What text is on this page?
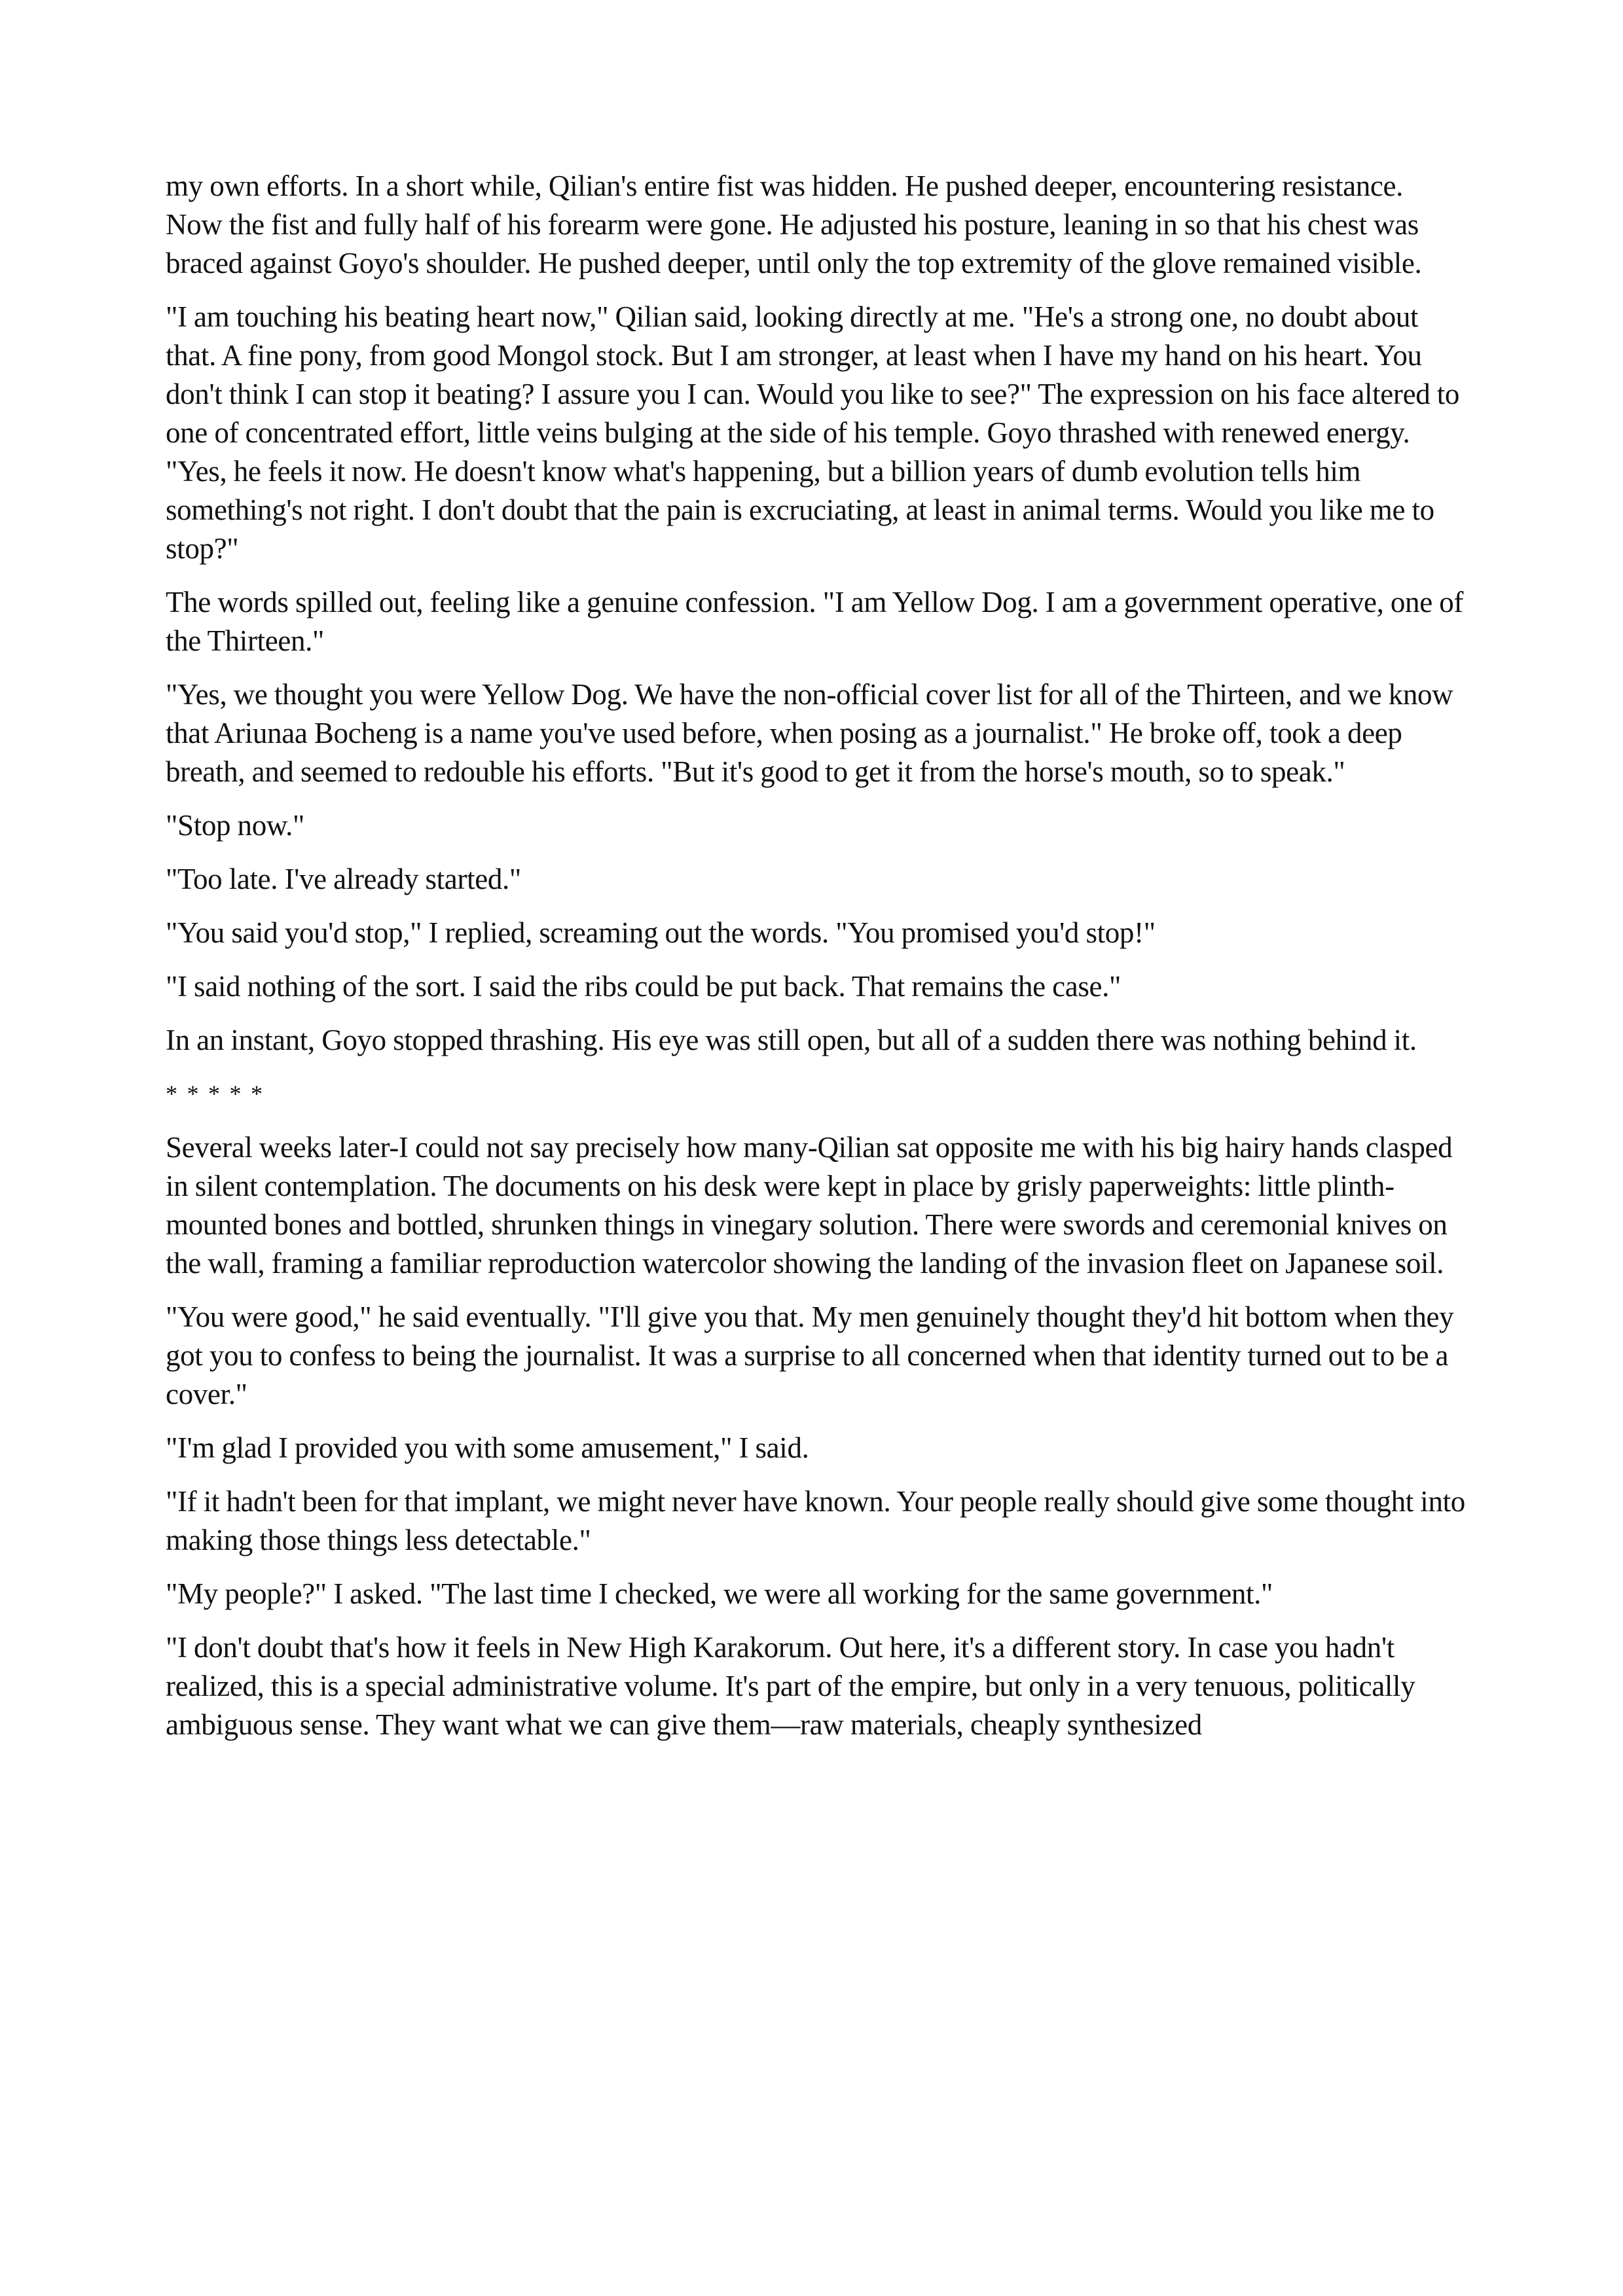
my own efforts. In a short while, Qilian's entire fist was hidden. He pushed deeper, encountering resistance. Now the fist and fully half of his forearm were gone. He adjusted his posture, leaning in so that his chest was braced against Goyo's shoulder. He pushed deeper, until only the top extremity of the glove remained visible.

"I am touching his beating heart now," Qilian said, looking directly at me. "He's a strong one, no doubt about that. A fine pony, from good Mongol stock. But I am stronger, at least when I have my hand on his heart. You don't think I can stop it beating? I assure you I can. Would you like to see?" The expression on his face altered to one of concentrated effort, little veins bulging at the side of his temple. Goyo thrashed with renewed energy. "Yes, he feels it now. He doesn't know what's happening, but a billion years of dumb evolution tells him something's not right. I don't doubt that the pain is excruciating, at least in animal terms. Would you like me to stop?"

The words spilled out, feeling like a genuine confession. "I am Yellow Dog. I am a government operative, one of the Thirteen."

"Yes, we thought you were Yellow Dog. We have the non-official cover list for all of the Thirteen, and we know that Ariunaa Bocheng is a name you've used before, when posing as a journalist." He broke off, took a deep breath, and seemed to redouble his efforts. "But it's good to get it from the horse's mouth, so to speak."

"Stop now."

"Too late. I've already started."

"You said you'd stop," I replied, screaming out the words. "You promised you'd stop!"

"I said nothing of the sort. I said the ribs could be put back. That remains the case."

In an instant, Goyo stopped thrashing. His eye was still open, but all of a sudden there was nothing behind it.

* * * * *

Several weeks later-I could not say precisely how many-Qilian sat opposite me with his big hairy hands clasped in silent contemplation. The documents on his desk were kept in place by grisly paperweights: little plinth-mounted bones and bottled, shrunken things in vinegary solution. There were swords and ceremonial knives on the wall, framing a familiar reproduction watercolor showing the landing of the invasion fleet on Japanese soil.

"You were good," he said eventually. "I'll give you that. My men genuinely thought they'd hit bottom when they got you to confess to being the journalist. It was a surprise to all concerned when that identity turned out to be a cover."

"I'm glad I provided you with some amusement," I said.

"If it hadn't been for that implant, we might never have known. Your people really should give some thought into making those things less detectable."

"My people?" I asked. "The last time I checked, we were all working for the same government."

"I don't doubt that's how it feels in New High Karakorum. Out here, it's a different story. In case you hadn't realized, this is a special administrative volume. It's part of the empire, but only in a very tenuous, politically ambiguous sense. They want what we can give them—raw materials, cheaply synthesized
